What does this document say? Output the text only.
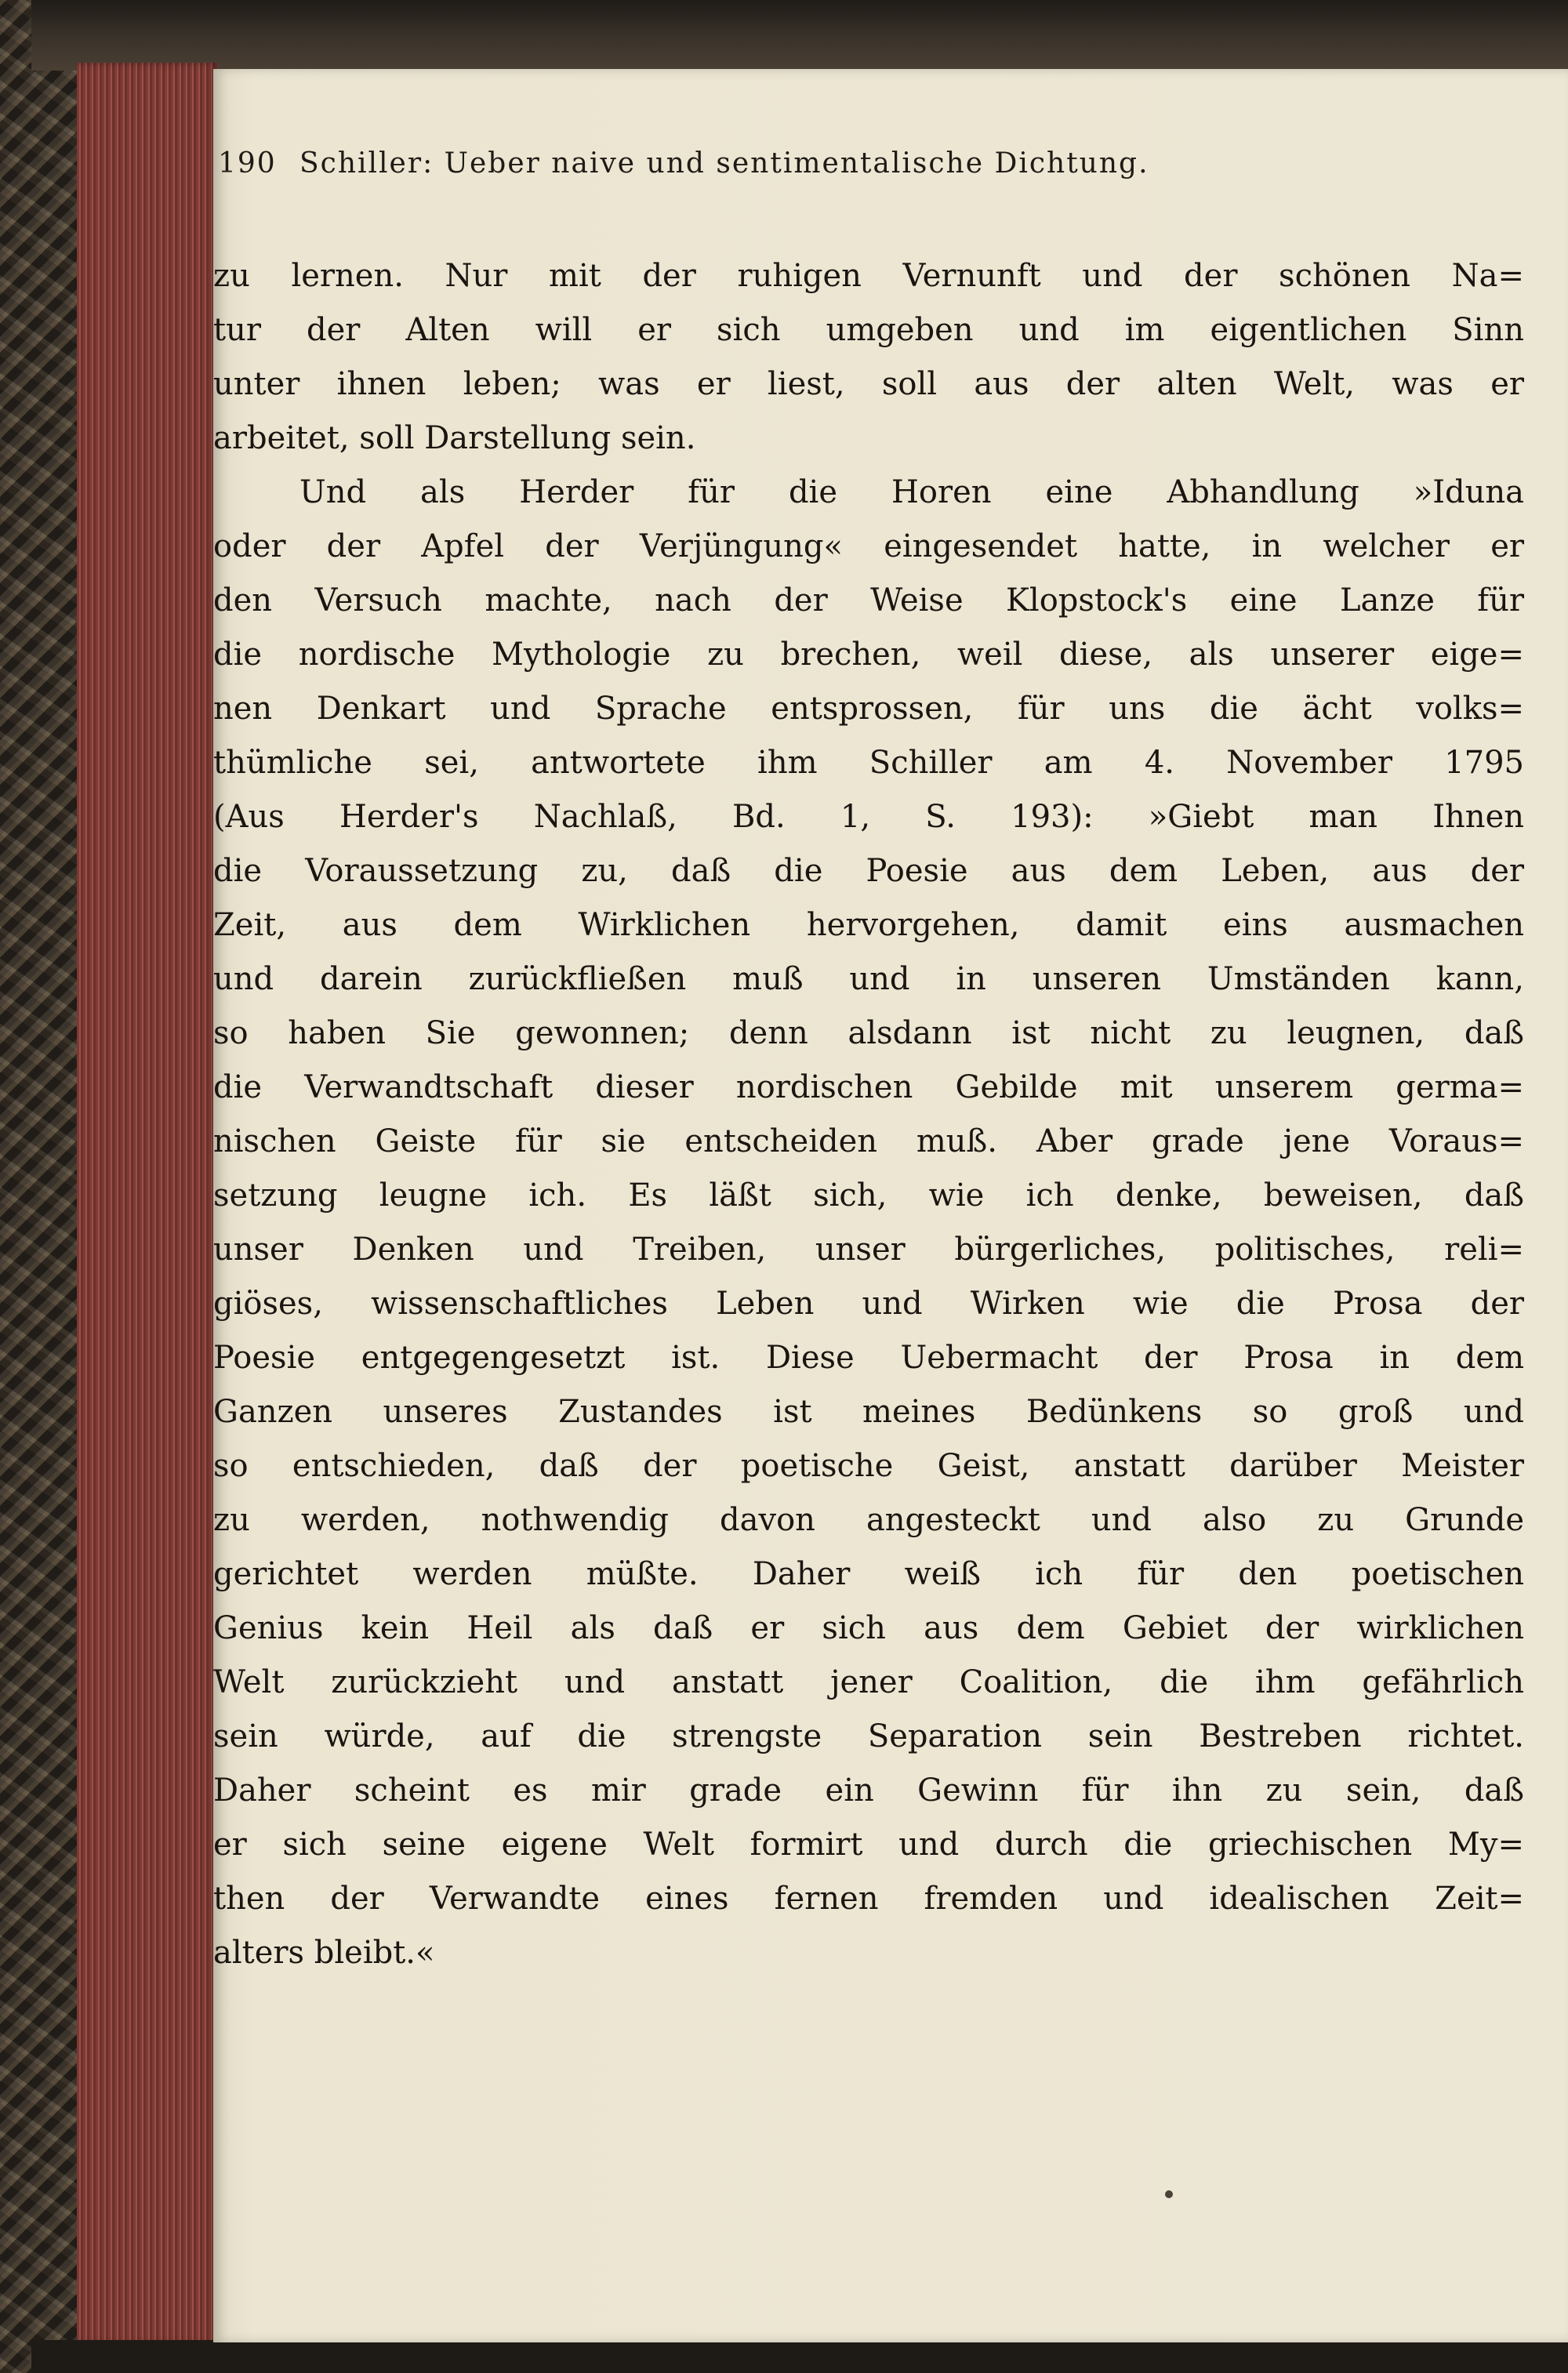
190 Schiller: Ueber naive und sentimentalische Dichtung.
zu lernen. Nur mit der ruhigen Vernunft und der schönen Na=
tur der Alten will er sich umgeben und im eigentlichen Sinn
unter ihnen leben; was er liest, soll aus der alten Welt, was er
arbeitet, soll Darstellung sein.
Und als Herder für die Horen eine Abhandlung »Iduna
oder der Apfel der Verjüngung« eingesendet hatte, in welcher er
den Versuch machte, nach der Weise Klopstock's eine Lanze für
die nordische Mythologie zu brechen, weil diese, als unserer eige=
nen Denkart und Sprache entsprossen, für uns die ächt volks=
thümliche sei, antwortete ihm Schiller am 4. November 1795
(Aus Herder's Nachlaß, Bd. 1, S. 193): »Giebt man Ihnen
die Voraussetzung zu, daß die Poesie aus dem Leben, aus der
Zeit, aus dem Wirklichen hervorgehen, damit eins ausmachen
und darein zurückfließen muß und in unseren Umständen kann,
so haben Sie gewonnen; denn alsdann ist nicht zu leugnen, daß
die Verwandtschaft dieser nordischen Gebilde mit unserem germa=
nischen Geiste für sie entscheiden muß. Aber grade jene Voraus=
setzung leugne ich. Es läßt sich, wie ich denke, beweisen, daß
unser Denken und Treiben, unser bürgerliches, politisches, reli=
giöses, wissenschaftliches Leben und Wirken wie die Prosa der
Poesie entgegengesetzt ist. Diese Uebermacht der Prosa in dem
Ganzen unseres Zustandes ist meines Bedünkens so groß und
so entschieden, daß der poetische Geist, anstatt darüber Meister
zu werden, nothwendig davon angesteckt und also zu Grunde
gerichtet werden müßte. Daher weiß ich für den poetischen
Genius kein Heil als daß er sich aus dem Gebiet der wirklichen
Welt zurückzieht und anstatt jener Coalition, die ihm gefährlich
sein würde, auf die strengste Separation sein Bestreben richtet.
Daher scheint es mir grade ein Gewinn für ihn zu sein, daß
er sich seine eigene Welt formirt und durch die griechischen My=
then der Verwandte eines fernen fremden und idealischen Zeit=
alters bleibt.«
